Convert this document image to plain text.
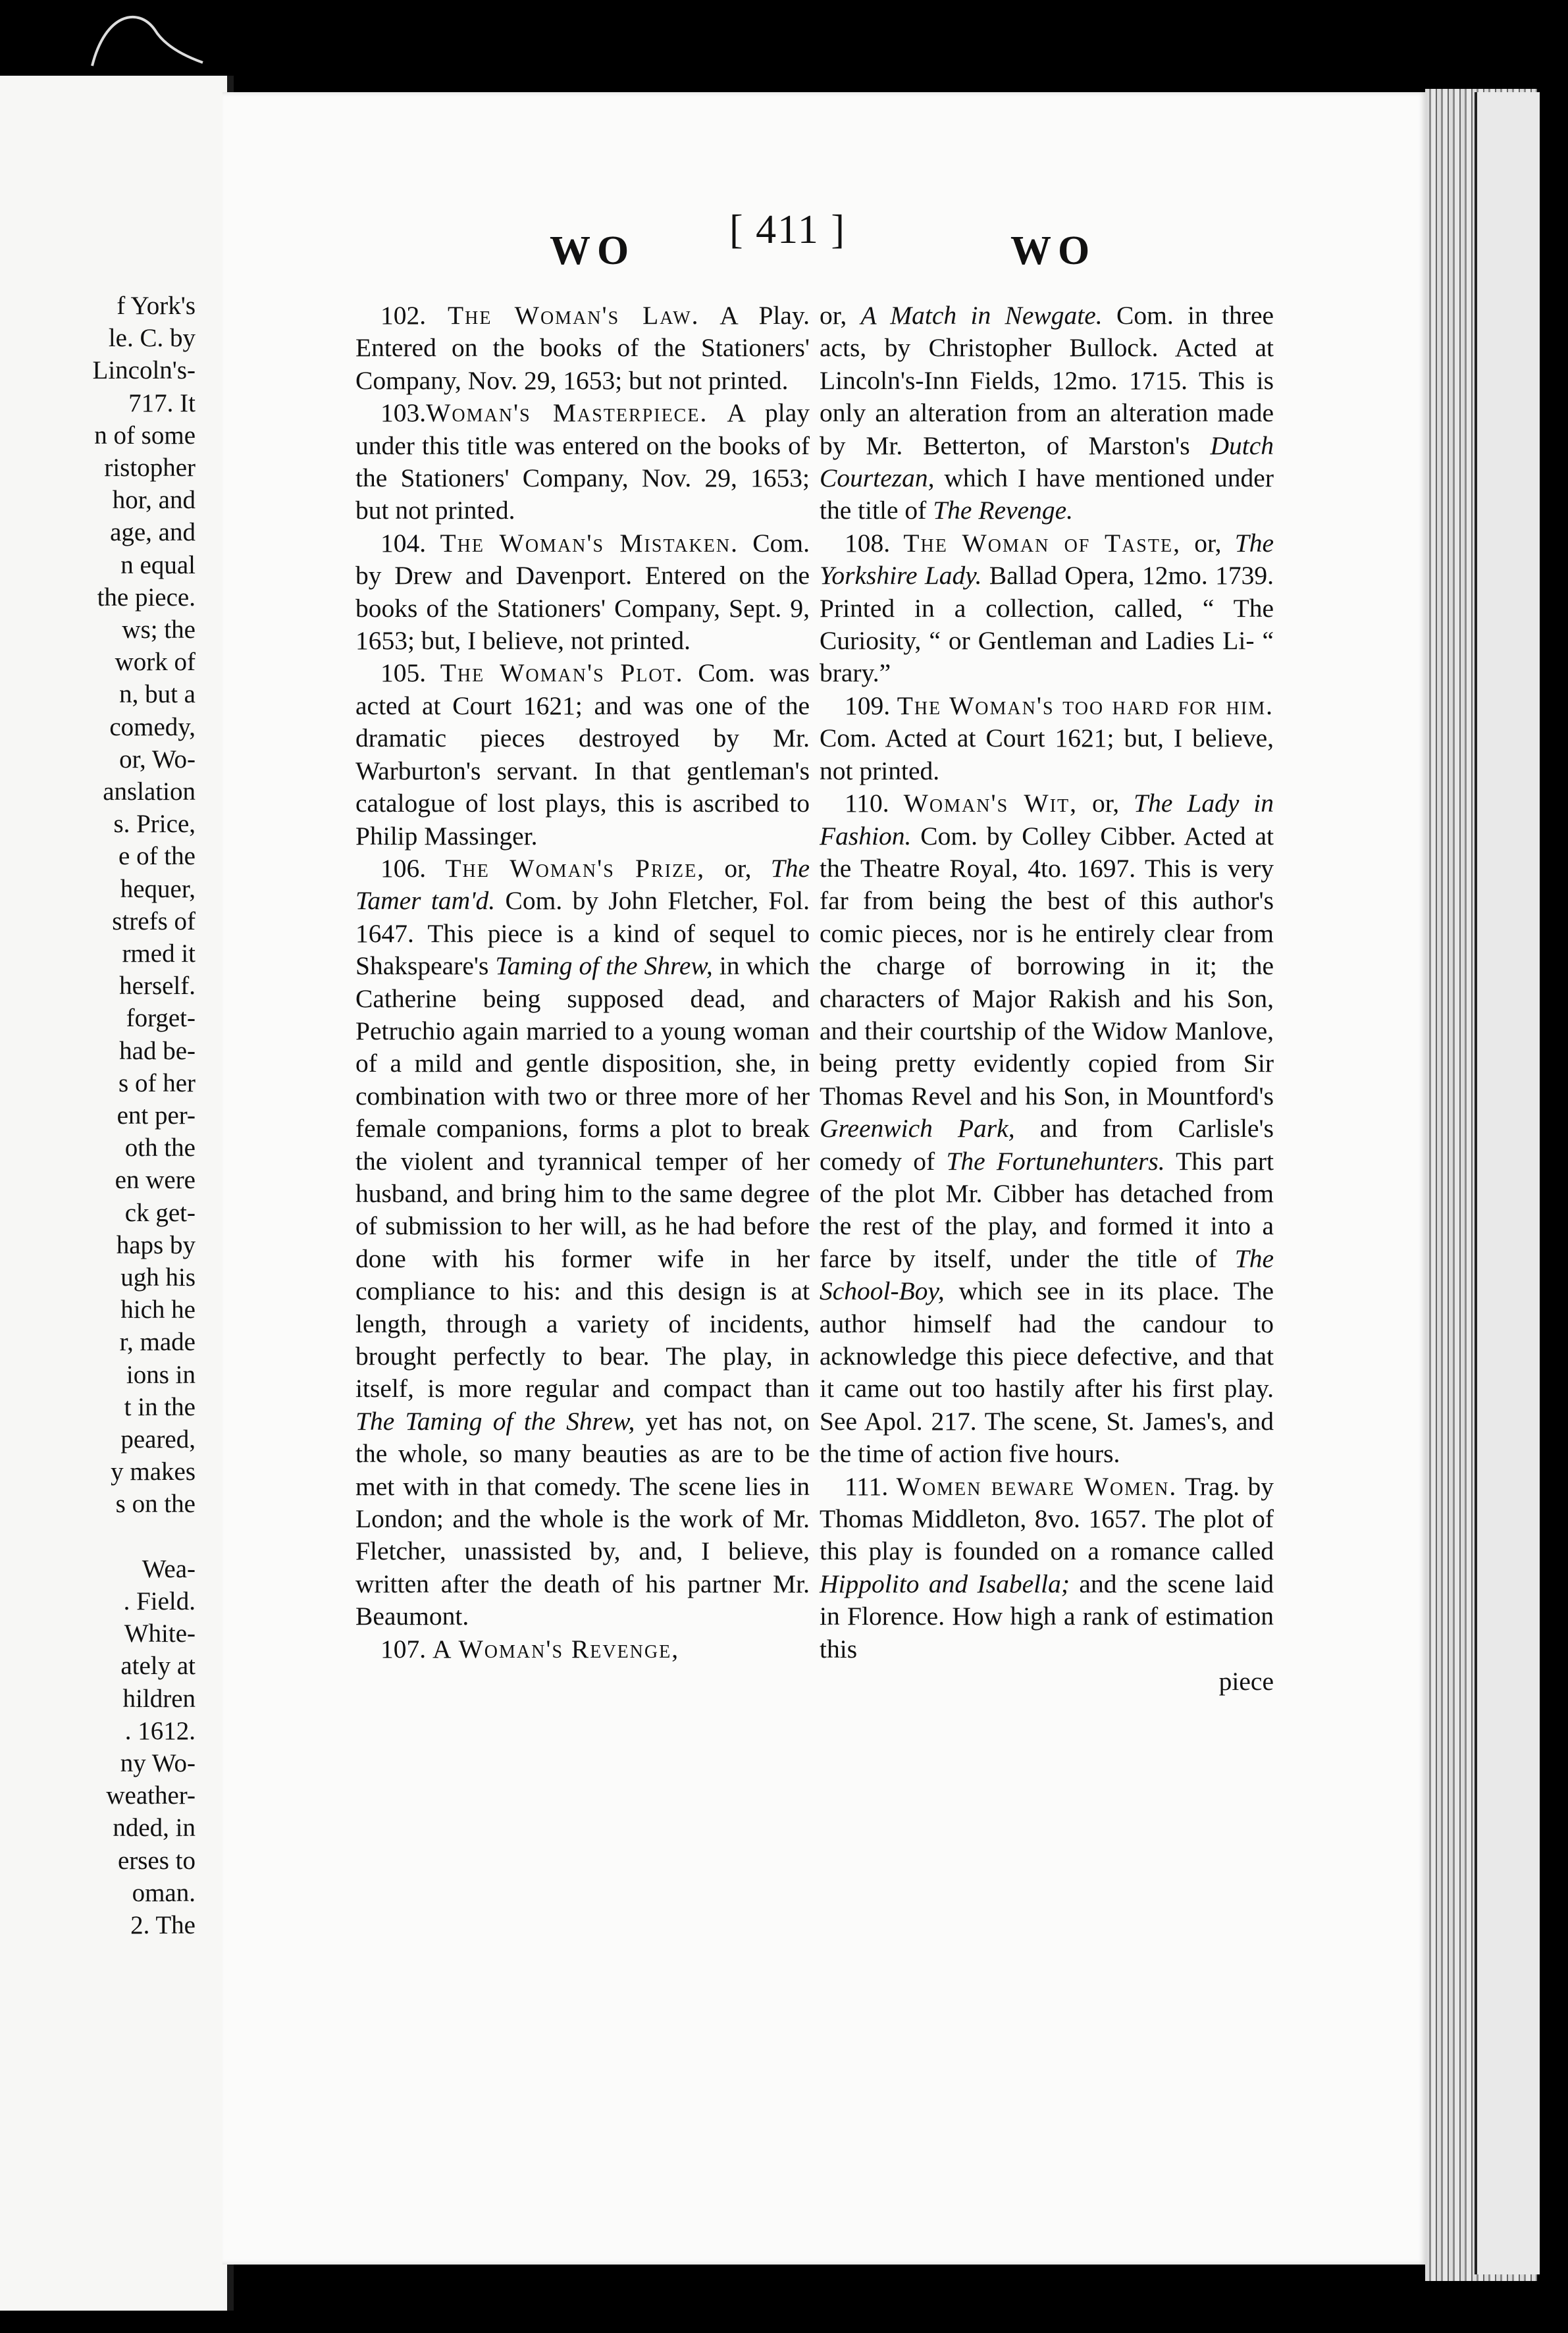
f York's
le. C. by
Lincoln's-
717. It
n of some
ristopher
hor, and
age, and
n equal
the piece.
ws; the
work of
n, but a
comedy,
or, Wo-
anslation
s. Price,
e of the
hequer,
strefs of
rmed it
herself.
forget-
had be-
s of her
ent per-
oth the
en were
ck get-
haps by
ugh his
hich he
r, made
ions in
t in the
peared,
y makes
s on the
Wea-
. Field.
White-
ately at
hildren
. 1612.
ny Wo-
weather-
nded, in
erses to
oman.
2. The
WO [ 411 ]	WO

102. The Woman's Law. A Play. Entered on the books of the Stationers' Company, Nov. 29, 1653; but not printed.

103.Woman's Masterpiece. A play under this title was entered on the books of the Stationers' Company, Nov. 29, 1653; but not printed.

104. The Woman's Mistaken. Com. by Drew and Davenport. Entered on the books of the Stationers' Company, Sept. 9, 1653; but, I believe, not printed.

105. The Woman's Plot. Com. was acted at Court 1621; and was one of the dramatic pieces destroyed by Mr. Warburton's servant. In that gentleman's catalogue of lost plays, this is ascribed to Philip Massinger.

106. The Woman's Prize, or, The Tamer tam'd. Com. by John Fletcher, Fol. 1647. This piece is a kind of sequel to Shakspeare's Taming of the Shrew, in which Catherine being supposed dead, and Petruchio again married to a young woman of a mild and gentle disposition, she, in combination with two or three more of her female companions, forms a plot to break the violent and tyrannical temper of her husband, and bring him to the same degree of submission to her will, as he had before done with his former wife in her compliance to his: and this design is at length, through a variety of incidents, brought perfectly to bear. The play, in itself, is more regular and compact than The Taming of the Shrew, yet has not, on the whole, so many beauties as are to be met with in that comedy. The scene lies in London; and the whole is the work of Mr. Fletcher, unassisted by, and, I believe, written after the death of his partner Mr. Beaumont.

107. A Woman's Revenge,

or, A Match in Newgate. Com. in three acts, by Christopher Bullock. Acted at Lincoln's-Inn Fields, 12mo. 1715. This is only an alteration from an alteration made by Mr. Betterton, of Marston's Dutch Courtezan, which I have mentioned under the title of The Revenge.

108. The Woman of Taste, or, The Yorkshire Lady. Ballad Opera, 12mo. 1739. Printed in a collection, called, “ The Curiosity, “ or Gentleman and Ladies Li- “ brary.”

109. The Woman's too hard for him. Com. Acted at Court 1621; but, I believe, not printed.

110. Woman's Wit, or, The Lady in Fashion. Com. by Colley Cibber. Acted at the Theatre Royal, 4to. 1697. This is very far from being the best of this author's comic pieces, nor is he entirely clear from the charge of borrowing in it; the characters of Major Rakish and his Son, and their courtship of the Widow Manlove, being pretty evidently copied from Sir Thomas Revel and his Son, in Mountford's Greenwich Park, and from Carlisle's comedy of The Fortunehunters. This part of the plot Mr. Cibber has detached from the rest of the play, and formed it into a farce by itself, under the title of The School-Boy, which see in its place. The author himself had the candour to acknowledge this piece defective, and that it came out too hastily after his first play. See Apol. 217. The scene, St. James's, and the time of action five hours.

111. Women beware Women. Trag. by Thomas Middleton, 8vo. 1657. The plot of this play is founded on a romance called Hippolito and Isabella; and the scene laid in Florence. How high a rank of estimation this

piece
